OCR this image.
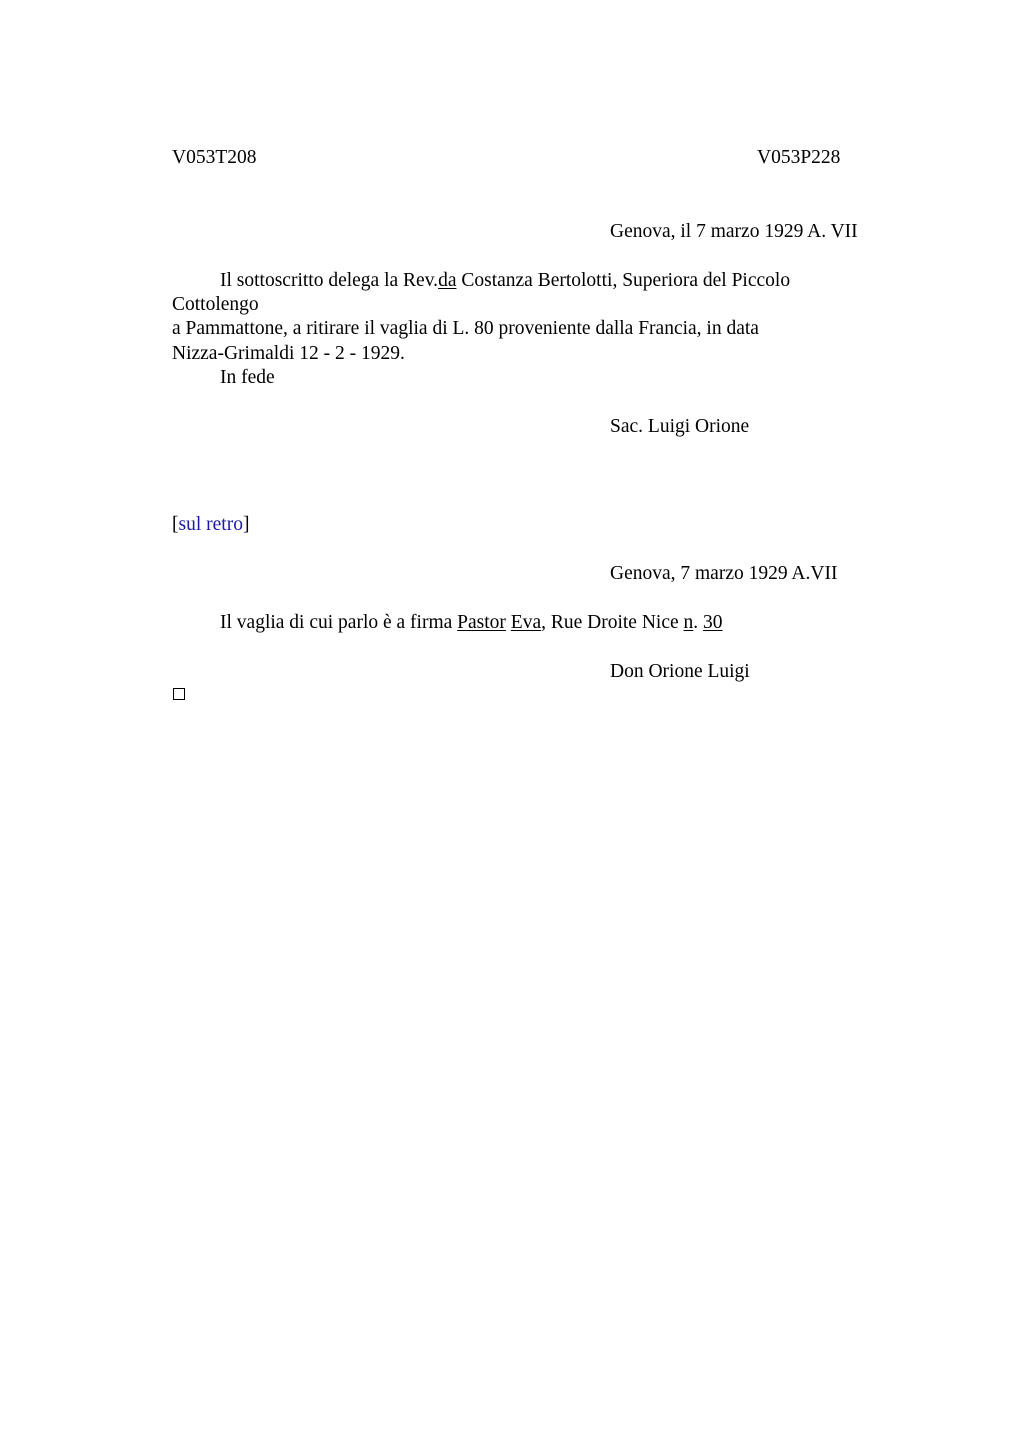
V053T208	V053P228
Genova, il 7 marzo 1929 A. VII
Il sottoscritto delega la Rev.da Costanza Bertolotti, Superiora del Piccolo
Cottolengo
a Pammattone, a ritirare il vaglia di L. 80 proveniente dalla Francia, in data
Nizza-Grimaldi 12 - 2 - 1929.
In fede
Sac. Luigi Orione
[sul retro]
Genova, 7 marzo 1929 A.VII
Il vaglia di cui parlo è a firma Pastor Eva, Rue Droite Nice n. 30
Don Orione Luigi
